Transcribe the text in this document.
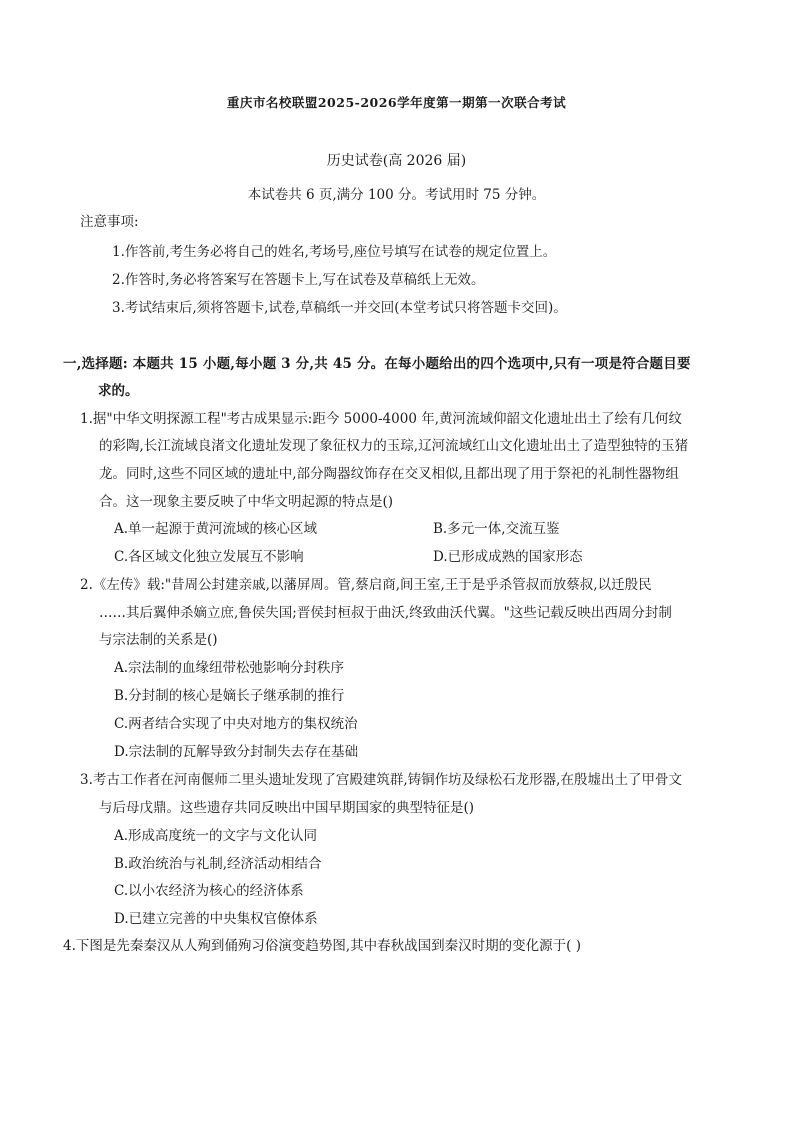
重庆市名校联盟2025-2026学年度第一期第一次联合考试
历史试卷(高 2026 届)
本试卷共 6 页,满分 100 分。考试用时 75 分钟。
注意事项:
1.作答前,考生务必将自己的姓名,考场号,座位号填写在试卷的规定位置上。
2.作答时,务必将答案写在答题卡上,写在试卷及草稿纸上无效。
3.考试结束后,须将答题卡,试卷,草稿纸一并交回(本堂考试只将答题卡交回)。
一,选择题: 本题共 15 小题,每小题 3 分,共 45 分。在每小题给出的四个选项中,只有一项是符合题目要
求的。
1.据"中华文明探源工程"考古成果显示:距今 5000-4000 年,黄河流域仰韶文化遗址出土了绘有几何纹
的彩陶,长江流域良渚文化遗址发现了象征权力的玉琮,辽河流域红山文化遗址出土了造型独特的玉猪
龙。同时,这些不同区域的遗址中,部分陶器纹饰存在交叉相似,且都出现了用于祭祀的礼制性器物组
合。这一现象主要反映了中华文明起源的特点是()
A.单一起源于黄河流域的核心区域	B.多元一体,交流互鉴
C.各区域文化独立发展互不影响	D.已形成成熟的国家形态
2.《左传》载:"昔周公封建亲戚,以藩屏周。管,蔡启商,间王室,王于是乎杀管叔而放蔡叔,以迁殷民
……其后翼伸杀嫡立庶,鲁侯失国;晋侯封桓叔于曲沃,终致曲沃代翼。"这些记载反映出西周分封制
与宗法制的关系是()
A.宗法制的血缘纽带松弛影响分封秩序
B.分封制的核心是嫡长子继承制的推行
C.两者结合实现了中央对地方的集权统治
D.宗法制的瓦解导致分封制失去存在基础
3.考古工作者在河南偃师二里头遗址发现了宫殿建筑群,铸铜作坊及绿松石龙形器,在殷墟出土了甲骨文
与后母戊鼎。这些遗存共同反映出中国早期国家的典型特征是()
A.形成高度统一的文字与文化认同
B.政治统治与礼制,经济活动相结合
C.以小农经济为核心的经济体系
D.已建立完善的中央集权官僚体系
4.下图是先秦秦汉从人殉到俑殉习俗演变趋势图,其中春秋战国到秦汉时期的变化源于( )
